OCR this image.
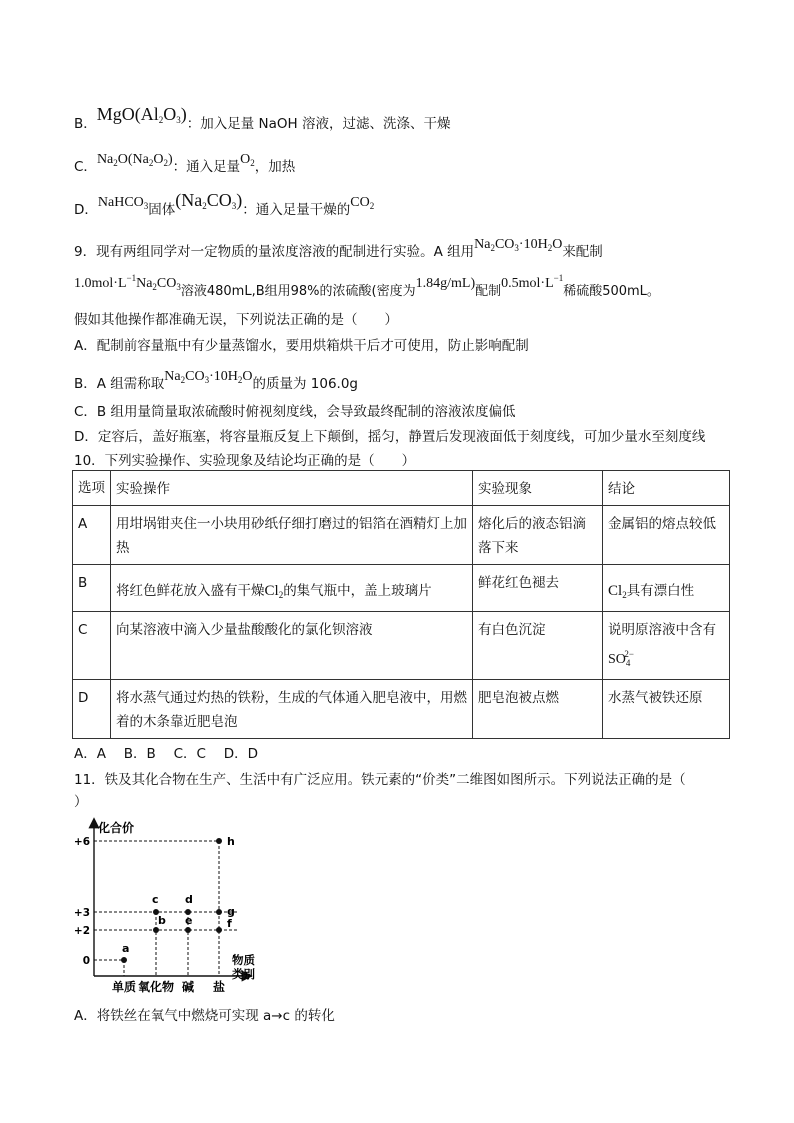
B．$MgO(Al_2O_3)$：加入足量 NaOH 溶液，过滤、洗涤、干燥
C．$Na_2O(Na_2O_2)$：通入足量$O_2$，加热
D．NaHCO$_3$固体$(Na_2CO_3)$：通入足量干燥的$CO_2$
9．现有两组同学对一定物质的量浓度溶液的配制进行实验。A 组用$Na_2CO_3\cdot 10H_2O$来配制
$1.0mol\cdot L^{-1}Na_2CO_3$溶液480mL,B组用98%的浓硫酸(密度为1.84g/mL)配制$0.5mol\cdot L^{-1}$稀硫酸500mL。
假如其他操作都准确无误，下列说法正确的是（　　）
A．配制前容量瓶中有少量蒸馏水，要用烘箱烘干后才可使用，防止影响配制
B．A 组需称取$Na_2CO_3\cdot 10H_2O$的质量为 106.0g
C．B 组用量筒量取浓硫酸时俯视刻度线，会导致最终配制的溶液浓度偏低
D．定容后，盖好瓶塞，将容量瓶反复上下颠倒，摇匀，静置后发现液面低于刻度线，可加少量水至刻度线
10．下列实验操作、实验现象及结论均正确的是（　　）
选项	实验操作	实验现象	结论
A	用坩埚钳夹住一小块用砂纸仔细打磨过的铝箔在酒精灯上加热	熔化后的液态铝滴落下来	金属铝的熔点较低
B	将红色鲜花放入盛有干燥$Cl_2$的集气瓶中，盖上玻璃片	鲜花红色褪去	$Cl_2$具有漂白性
C	向某溶液中滴入少量盐酸酸化的氯化钡溶液	有白色沉淀	说明原溶液中含有
$SO_4^{2-}$
D	将水蒸气通过灼热的铁粉，生成的气体通入肥皂液中，用燃着的木条靠近肥皂泡	肥皂泡被点燃	水蒸气被铁还原
A．A　 B．B　 C．C　 D．D
11．铁及其化合物在生产、生活中有广泛应用。铁元素的“价类”二维图如图所示。下列说法正确的是（
）
化合价
物质
类别
+6
+3
+2
0
单质 氧化物 碱 盐
a
b
c d
e	f
g
h
A．将铁丝在氧气中燃烧可实现 a→c 的转化
